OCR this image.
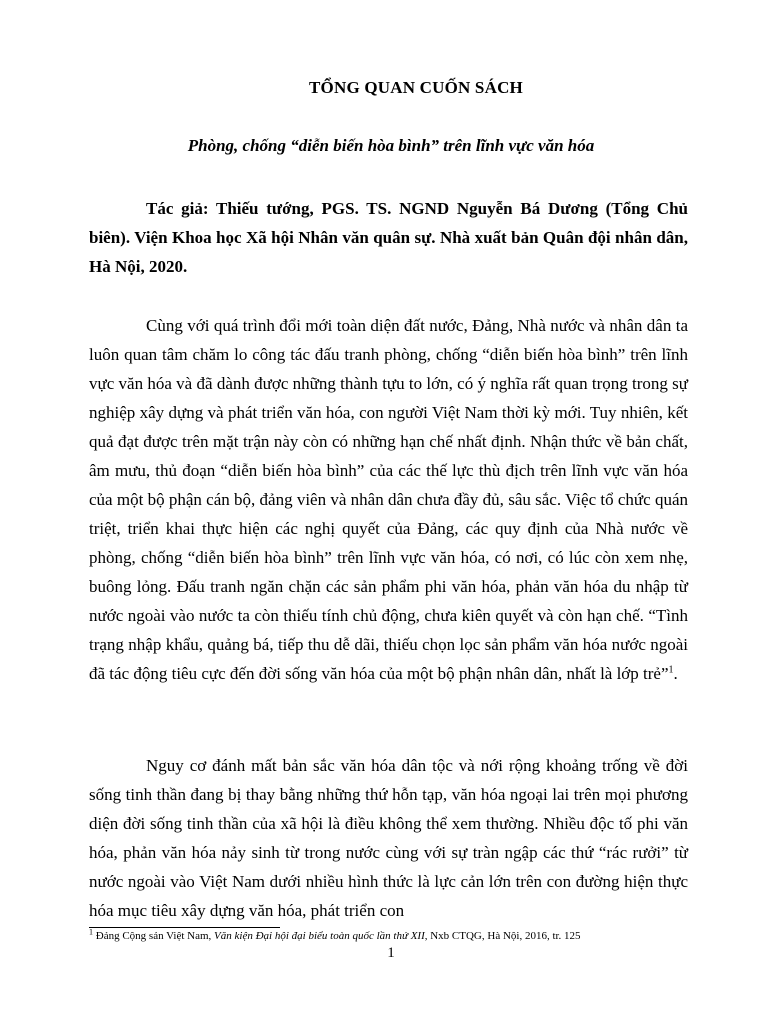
TỔNG QUAN CUỐN SÁCH
Phòng, chống “diễn biến hòa bình” trên lĩnh vực văn hóa

Tác giả: Thiếu tướng, PGS. TS. NGND Nguyễn Bá Dương (Tổng Chủ biên). Viện Khoa học Xã hội Nhân văn quân sự. Nhà xuất bản Quân đội nhân dân, Hà Nội, 2020.

Cùng với quá trình đổi mới toàn diện đất nước, Đảng, Nhà nước và nhân dân ta luôn quan tâm chăm lo công tác đấu tranh phòng, chống “diễn biến hòa bình” trên lĩnh vực văn hóa và đã dành được những thành tựu to lớn, có ý nghĩa rất quan trọng trong sự nghiệp xây dựng và phát triển văn hóa, con người Việt Nam thời kỳ mới. Tuy nhiên, kết quả đạt được trên mặt trận này còn có những hạn chế nhất định. Nhận thức về bản chất, âm mưu, thủ đoạn “diễn biến hòa bình” của các thế lực thù địch trên lĩnh vực văn hóa của một bộ phận cán bộ, đảng viên và nhân dân chưa đầy đủ, sâu sắc. Việc tổ chức quán triệt, triển khai thực hiện các nghị quyết của Đảng, các quy định của Nhà nước về phòng, chống “diễn biến hòa bình” trên lĩnh vực văn hóa, có nơi, có lúc còn xem nhẹ, buông lỏng. Đấu tranh ngăn chặn các sản phẩm phi văn hóa, phản văn hóa du nhập từ nước ngoài vào nước ta còn thiếu tính chủ động, chưa kiên quyết và còn hạn chế. “Tình trạng nhập khẩu, quảng bá, tiếp thu dễ dãi, thiếu chọn lọc sản phẩm văn hóa nước ngoài đã tác động tiêu cực đến đời sống văn hóa của một bộ phận nhân dân, nhất là lớp trẻ”$^1$.

Nguy cơ đánh mất bản sắc văn hóa dân tộc và nới rộng khoảng trống về đời sống tinh thần đang bị thay bằng những thứ hỗn tạp, văn hóa ngoại lai trên mọi phương diện đời sống tinh thần của xã hội là điều không thể xem thường. Nhiều độc tố phi văn hóa, phản văn hóa nảy sinh từ trong nước cùng với sự tràn ngập các thứ “rác rưởi” từ nước ngoài vào Việt Nam dưới nhiều hình thức là lực cản lớn trên con đường hiện thực hóa mục tiêu xây dựng văn hóa, phát triển con

$^1$ Đảng Cộng sản Việt Nam, Văn kiện Đại hội đại biểu toàn quốc lần thứ XII, Nxb CTQG, Hà Nội, 2016, tr. 125
1
